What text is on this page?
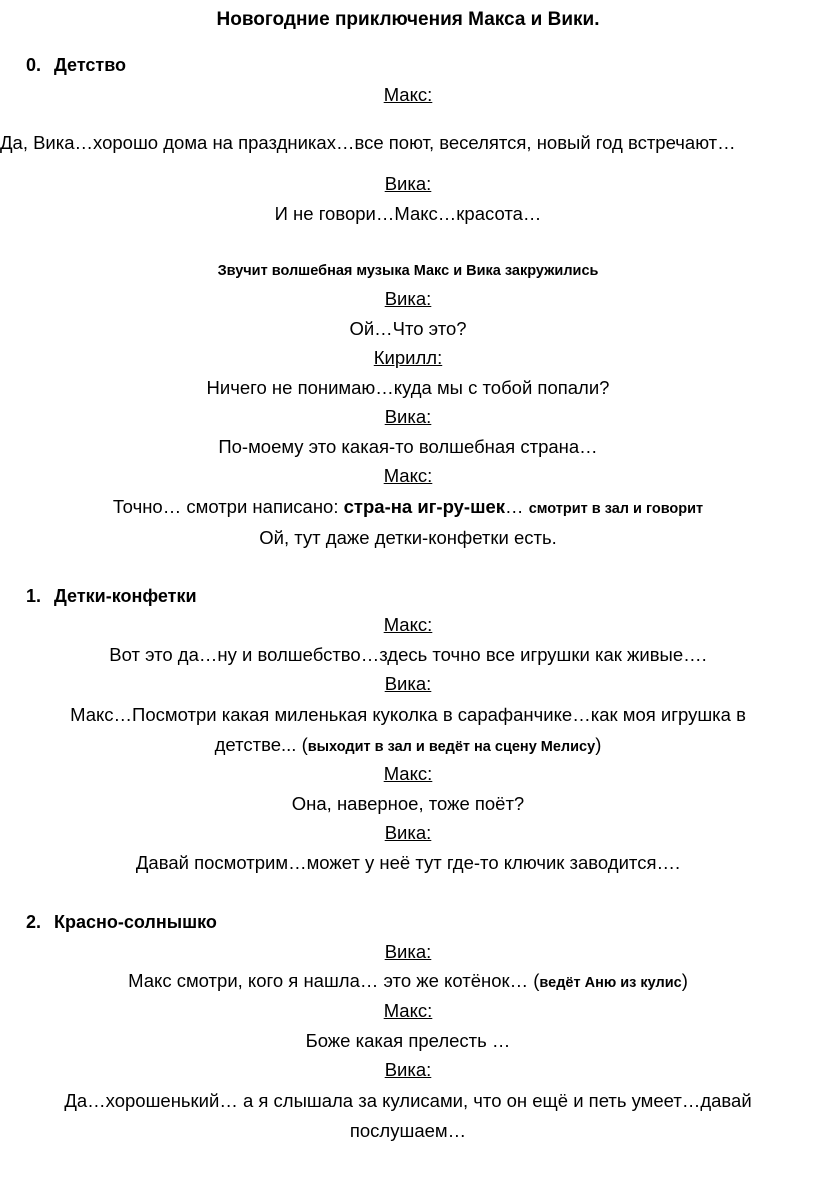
Новогодние приключения Макса и Вики.
0. Детство
Макс:
Да, Вика…хорошо дома на праздниках…все поют, веселятся, новый год встречают…
Вика:
И не говори…Макс…красота…
Звучит волшебная музыка Макс и Вика закружились
Вика:
Ой…Что это?
Кирилл:
Ничего не понимаю…куда мы с тобой попали?
Вика:
По-моему это какая-то волшебная страна…
Макс:
Точно… смотри написано: стра-на иг-ру-шек… смотрит в зал и говорит
Ой, тут даже детки-конфетки есть.
1. Детки-конфетки
Макс:
Вот это да…ну и волшебство…здесь точно все игрушки как живые….
Вика:
Макс…Посмотри какая миленькая куколка в сарафанчике…как моя игрушка в
детстве... (выходит в зал и ведёт на сцену Мелису)
Макс:
Она, наверное, тоже поёт?
Вика:
Давай посмотрим…может у неё тут где-то ключик заводится….
2. Красно-солнышко
Вика:
Макс смотри, кого я нашла… это же котёнок… (ведёт Аню из кулис)
Макс:
Боже какая прелесть …
Вика:
Да…хорошенький… а я слышала за кулисами, что он ещё и петь умеет…давай
послушаем…
